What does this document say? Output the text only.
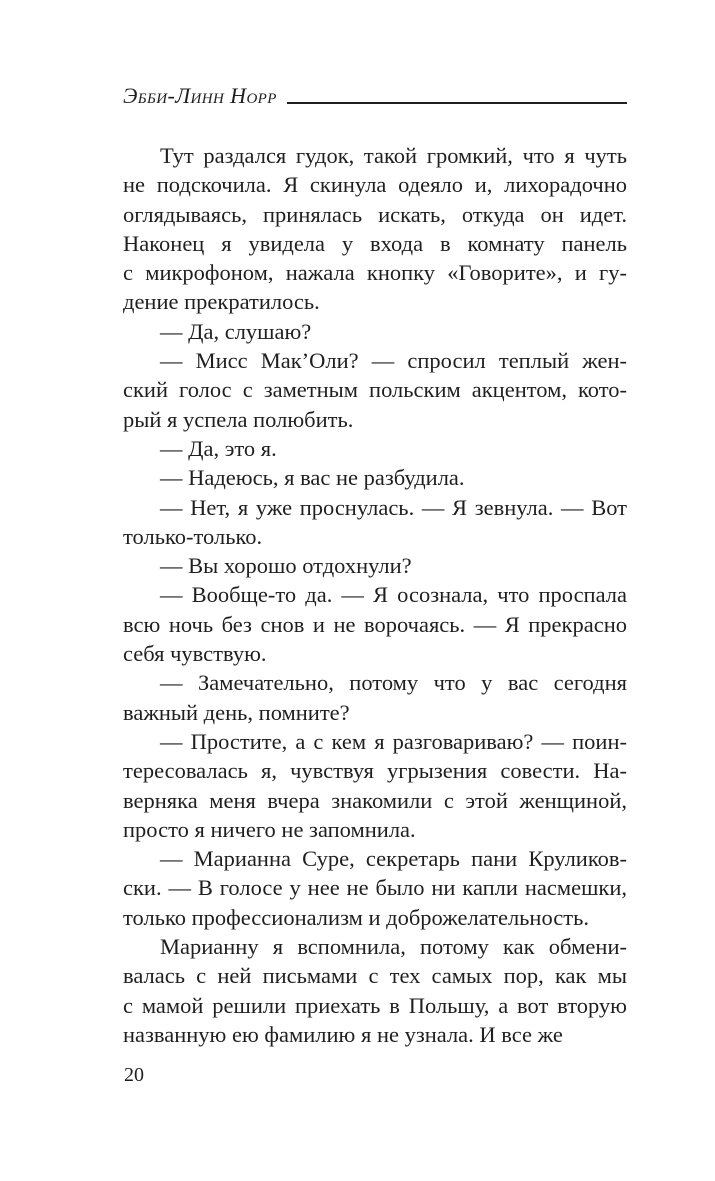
Эбби-Линн Норр
Тут раздался гудок, такой громкий, что я чуть
не подскочила. Я скинула одеяло и, лихорадочно
оглядываясь, принялась искать, откуда он идет.
Наконец я увидела у входа в комнату панель
с микрофоном, нажала кнопку «Говорите», и гу-
дение прекратилось.
— Да, слушаю?
— Мисс Мак’Оли? — спросил теплый жен-
ский голос с заметным польским акцентом, кото-
рый я успела полюбить.
— Да, это я.
— Надеюсь, я вас не разбудила.
— Нет, я уже проснулась. — Я зевнула. — Вот
только-только.
— Вы хорошо отдохнули?
— Вообще-то да. — Я осознала, что проспала
всю ночь без снов и не ворочаясь. — Я прекрасно
себя чувствую.
— Замечательно, потому что у вас сегодня
важный день, помните?
— Простите, а с кем я разговариваю? — поин-
тересовалась я, чувствуя угрызения совести. На-
верняка меня вчера знакомили с этой женщиной,
просто я ничего не запомнила.
— Марианна Суре, секретарь пани Круликов-
ски. — В голосе у нее не было ни капли насмешки,
только профессионализм и доброжелательность.
Марианну я вспомнила, потому как обмени-
валась с ней письмами с тех самых пор, как мы
с мамой решили приехать в Польшу, а вот вторую
названную ею фамилию я не узнала. И все же
20
